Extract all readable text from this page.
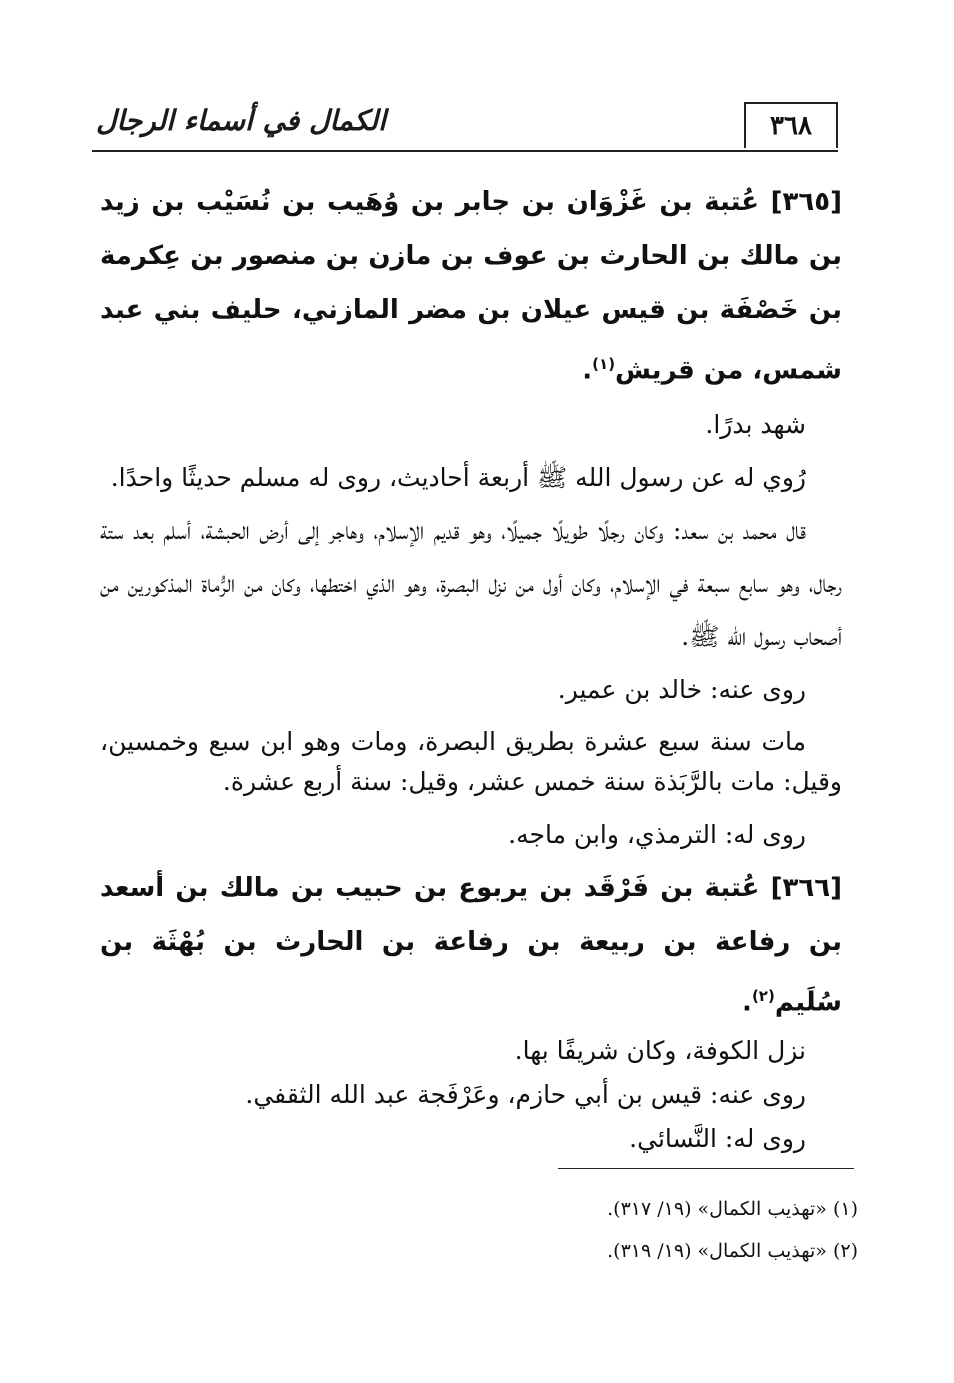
الكمال في أسماء الرجال	٣٦٨
[٣٦٥] عُتبة بن غَزْوَان بن جابر بن وُهَيب بن نُسَيْب بن زيد بن مالك بن الحارث بن عوف بن مازن بن منصور بن عِكرمة بن خَصْفَة بن قيس عيلان بن مضر المازني، حليف بني عبد شمس، من قريش$^{(١)}$.

شهد بدرًا.

رُوي له عن رسول الله ﷺ أربعة أحاديث، روى له مسلم حديثًا واحدًا.

قال محمد بن سعد: وكان رجلًا طويلًا جميلًا، وهو قديم الإسلام، وهاجر إلى أرض الحبشة، أسلم بعد ستة رجال، وهو سابع سبعة في الإسلام، وكان أول من نزل البصرة، وهو الذي اختطها، وكان من الرُّماة المذكورين من أصحاب رسول الله ﷺ.

روى عنه: خالد بن عمير.

مات سنة سبع عشرة بطريق البصرة، ومات وهو ابن سبع وخمسين، وقيل: مات بالرَّبَذة سنة خمس عشر، وقيل: سنة أربع عشرة.

روى له: الترمذي، وابن ماجه.

[٣٦٦] عُتبة بن فَرْقَد بن يربوع بن حبيب بن مالك بن أسعد بن رفاعة بن ربيعة بن رفاعة بن الحارث بن بُهْثَة بن سُلَيم$^{(٢)}$.

نزل الكوفة، وكان شريفًا بها.

روى عنه: قيس بن أبي حازم، وعَرْفَجة عبد الله الثقفي.

روى له: النَّسائي.

(١) «تهذيب الكمال» (١٩/ ٣١٧).
(٢) «تهذيب الكمال» (١٩/ ٣١٩).
